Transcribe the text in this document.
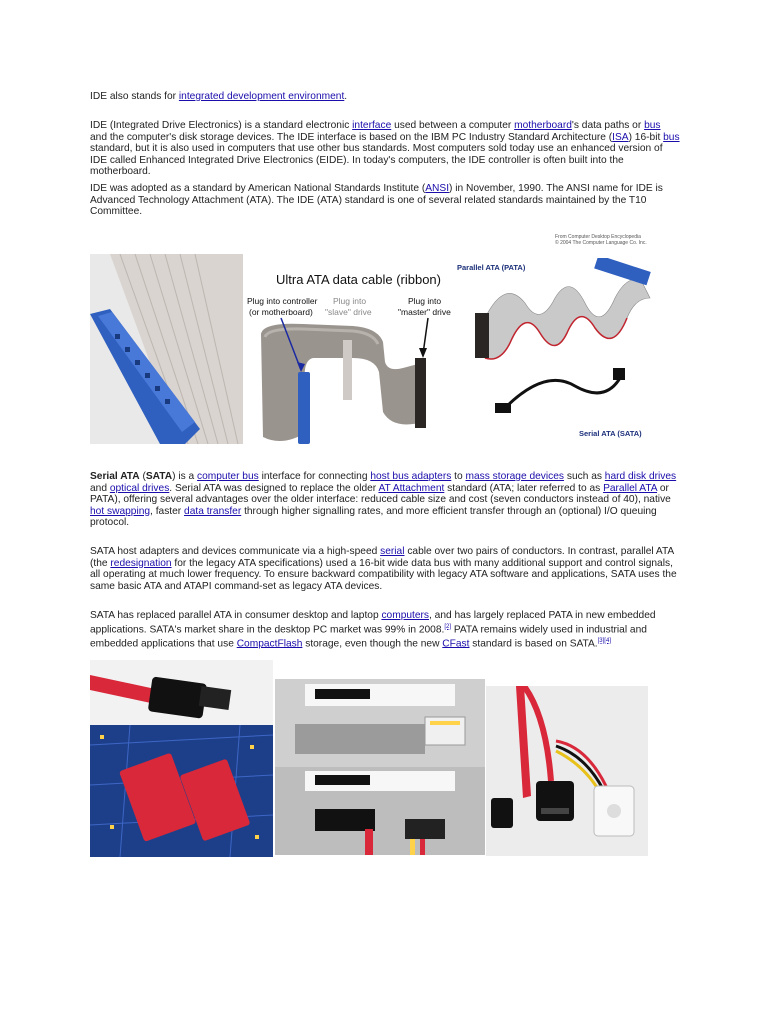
IDE also stands for integrated development environment.

IDE (Integrated Drive Electronics) is a standard electronic interface used between a computer motherboard's data paths or bus and the computer's disk storage devices. The IDE interface is based on the IBM PC Industry Standard Architecture (ISA) 16-bit bus standard, but it is also used in computers that use other bus standards. Most computers sold today use an enhanced version of IDE called Enhanced Integrated Drive Electronics (EIDE). In today's computers, the IDE controller is often built into the motherboard.

IDE was adopted as a standard by American National Standards Institute (ANSI) in November, 1990. The ANSI name for IDE is Advanced Technology Attachment (ATA). The IDE (ATA) standard is one of several related standards maintained by the T10 Committee.

From Computer Desktop Encyclopedia
© 2004 The Computer Language Co. Inc.
Ultra ATA data cable (ribbon)
Plug into controller
(or motherboard)
Plug into
"slave" drive
Plug into
"master" drive
Parallel ATA (PATA)
Serial ATA (SATA)

Serial ATA (SATA) is a computer bus interface for connecting host bus adapters to mass storage devices such as hard disk drives and optical drives. Serial ATA was designed to replace the older AT Attachment standard (ATA; later referred to as Parallel ATA or PATA), offering several advantages over the older interface: reduced cable size and cost (seven conductors instead of 40), native hot swapping, faster data transfer through higher signalling rates, and more efficient transfer through an (optional) I/O queuing protocol.

SATA host adapters and devices communicate via a high-speed serial cable over two pairs of conductors. In contrast, parallel ATA (the redesignation for the legacy ATA specifications) used a 16-bit wide data bus with many additional support and control signals, all operating at much lower frequency. To ensure backward compatibility with legacy ATA software and applications, SATA uses the same basic ATA and ATAPI command-set as legacy ATA devices.

SATA has replaced parallel ATA in consumer desktop and laptop computers, and has largely replaced PATA in new embedded applications. SATA's market share in the desktop PC market was 99% in 2008.[2] PATA remains widely used in industrial and embedded applications that use CompactFlash storage, even though the new CFast standard is based on SATA.[3][4]
